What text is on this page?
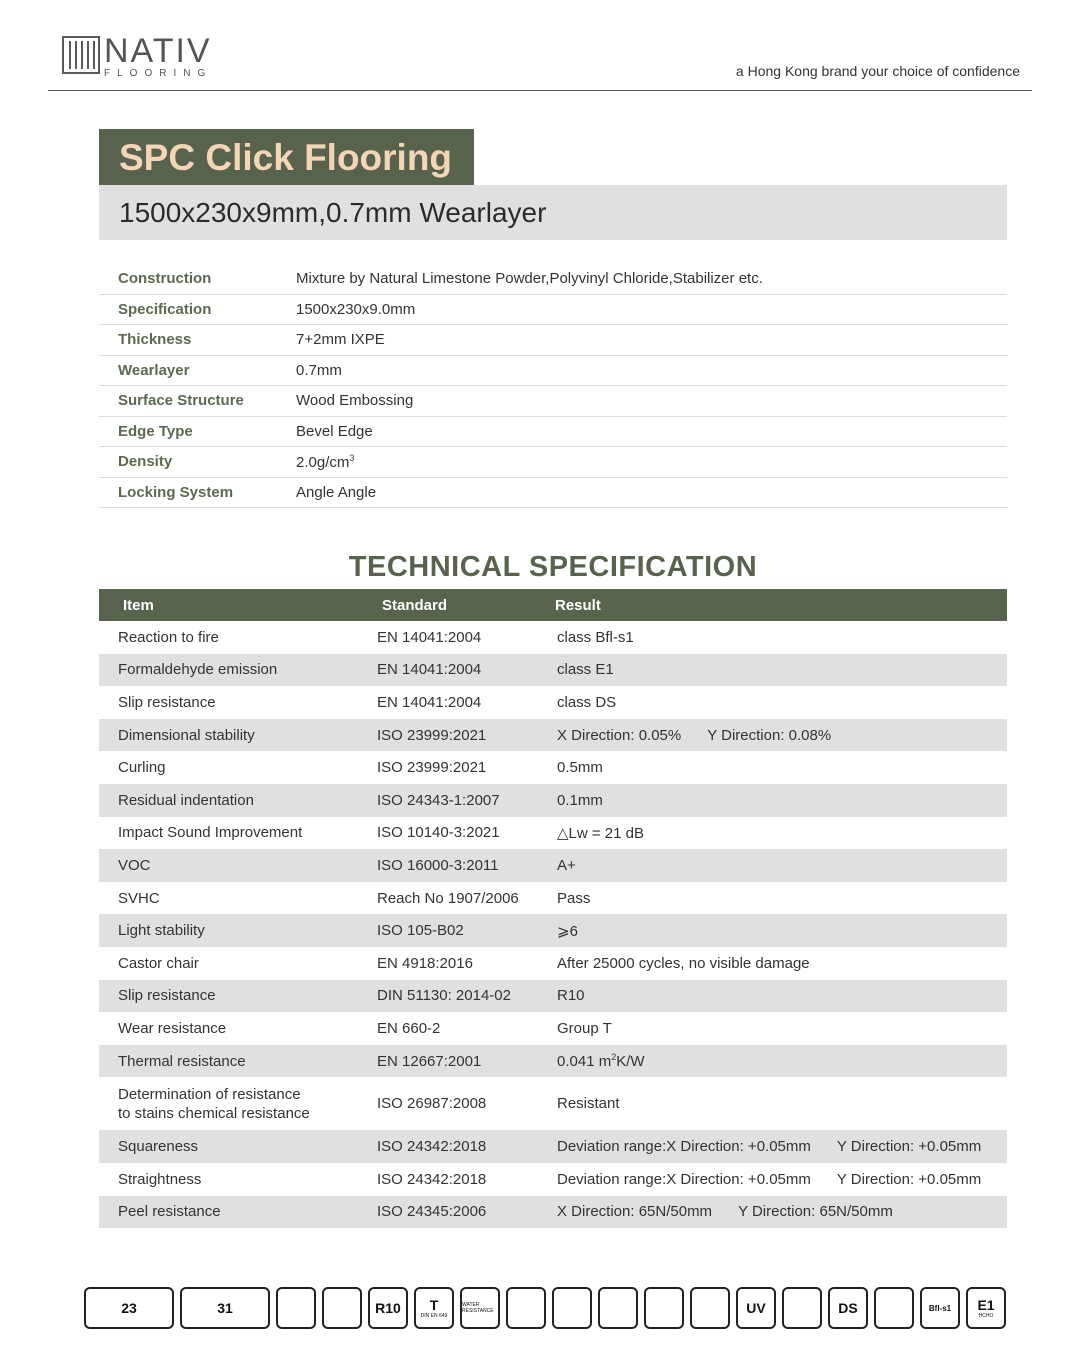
NATIV
FLOORING	a Hong Kong brand your choice of confidence
SPC Click Flooring
1500x230x9mm,0.7mm Wearlayer
Construction	Mixture by Natural Limestone Powder,Polyvinyl Chloride,Stabilizer etc.
Specification	1500x230x9.0mm
Thickness	7+2mm IXPE
Wearlayer	0.7mm
Surface Structure	Wood Embossing
Edge Type	Bevel Edge
Density	$2.0g/cm^3$
Locking System	Angle Angle
TECHNICAL SPECIFICATION
Item	Standard	Result
Reaction to fire	EN 14041:2004	class Bfl-s1
Formaldehyde emission	EN 14041:2004	class E1
Slip resistance	EN 14041:2004	class DS
Dimensional stability	ISO 23999:2021	X Direction: 0.05% Y Direction: 0.08%
Curling	ISO 23999:2021	0.5mm
Residual indentation	ISO 24343-1:2007	0.1mm
Impact Sound Improvement	ISO 10140-3:2021	△Lw = 21 dB
VOC	ISO 16000-3:2011	A+
SVHC	Reach No 1907/2006	Pass
Light stability	ISO 105-B02	⩾6
Castor chair	EN 4918:2016	After 25000 cycles, no visible damage
Slip resistance	DIN 51130: 2014-02	R10
Wear resistance	EN 660-2	Group T
Thermal resistance	EN 12667:2001	0.041 $m^2K/W$
Determination of resistance
to stains chemical resistance
ISO 26987:2008	Resistant
Squareness	ISO 24342:2018	Deviation range:X Direction: +0.05mm Y Direction: +0.05mm
Straightness	ISO 24342:2018	Deviation range:X Direction: +0.05mm Y Direction: +0.05mm
Peel resistance	ISO 24345:2006	X Direction: 65N/50mm Y Direction: 65N/50mm
23	31	R10 T
DIN EN 649
WATER RESISTANCE	UV	DS	Bfl-s1 E1
HCHO
